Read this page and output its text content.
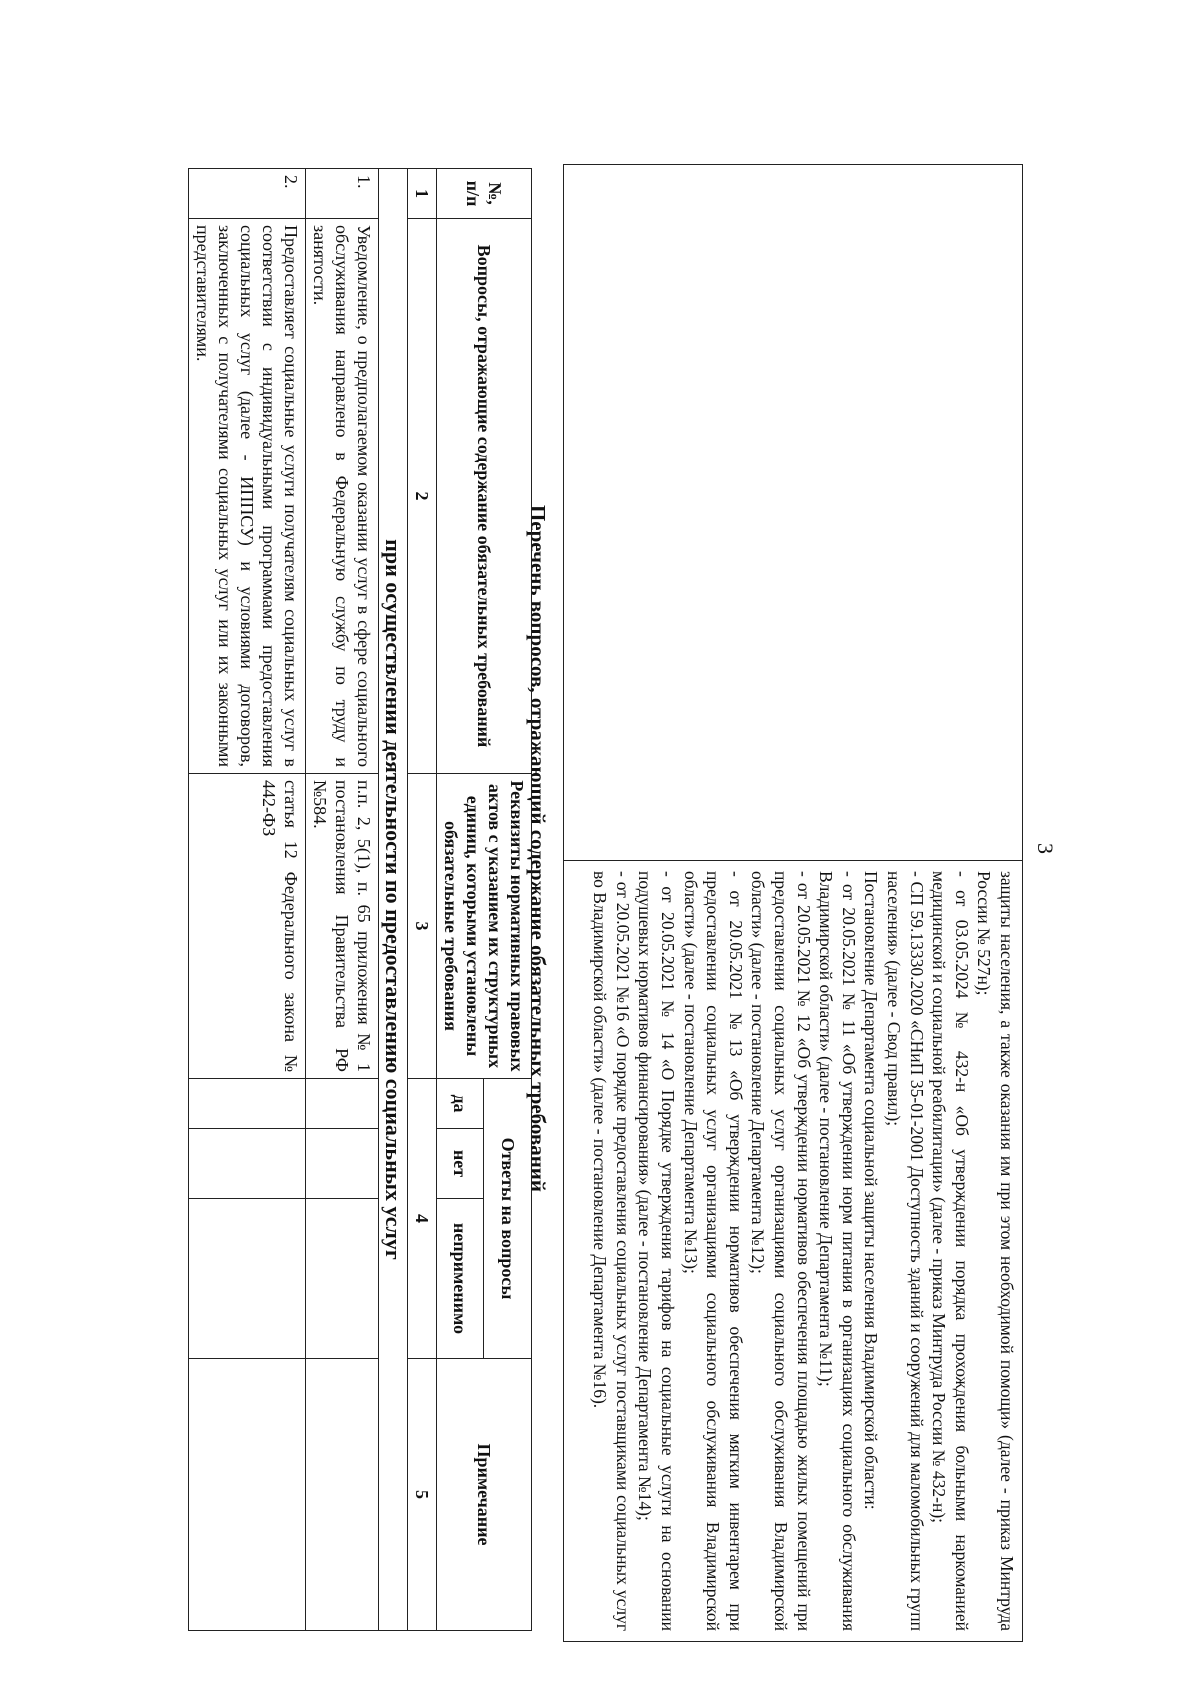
3

защиты населения, а также оказания им при этом необходимой помощи» (далее - приказ Минтруда России № 527н);

- от 03.05.2024 № 432-н «Об утверждении порядка прохождения больными наркоманией медицинской и социальной реабилитации» (далее - приказ Минтруда России № 432-н);

- СП 59.13330.2020 «СНиП 35-01-2001 Доступность зданий и сооружений для маломобильных групп населения» (далее - Свод правил);

Постановление Департамента социальной защиты населения Владимирской области:

- от 20.05.2021 № 11 «Об утверждении норм питания в организациях социального обслуживания Владимирской области» (далее - постановление Департамента №11);

- от 20.05.2021 № 12 «Об утверждении нормативов обеспечения площадью жилых помещений при предоставлении социальных услуг организациями социального обслуживания Владимирской области» (далее - постановление Департамента №12);

- от 20.05.2021 №13 «Об утверждении нормативов обеспечения мягким инвентарем при предоставлении социальных услуг организациями социального обслуживания Владимирской области» (далее - постановление Департамента №13);

- от 20.05.2021 № 14 «О Порядке утверждения тарифов на социальные услуги на основании подушевых нормативов финансирования» (далее - постановление Департамента №14);

- от 20.05.2021 №16 «О порядке предоставления социальных услуг поставщиками социальных услуг во Владимирской области» (далее - постановление Департамента №16).

Перечень вопросов, отражающий содержание обязательных требований
№, п/п	Вопросы, отражающие содержание обязательных требований	Реквизиты нормативных правовых актов с указанием их структурных единиц, которыми установлены обязательные требования	Ответы на вопросы			Примечание
			да	нет	неприменимо	
1	2	3	4			5
при осуществлении деятельности по предоставлению социальных услуг						
1.	Уведомление, о предполагаемом оказании услуг в сфере социального обслуживания направлено в Федеральную службу по труду и занятости.	п.п. 2, 5(1), п. 65 приложения № 1 постановления Правительства РФ №584.				
2.	Предоставляет социальные услуги получателям социальных услуг в соответствии с индивидуальными программами предоставления социальных услуг (далее - ИППСУ) и условиями договоров, заключенных с получателями социальных услуг или их законными представителями.	статья 12 Федерального закона № 442-ФЗ				
